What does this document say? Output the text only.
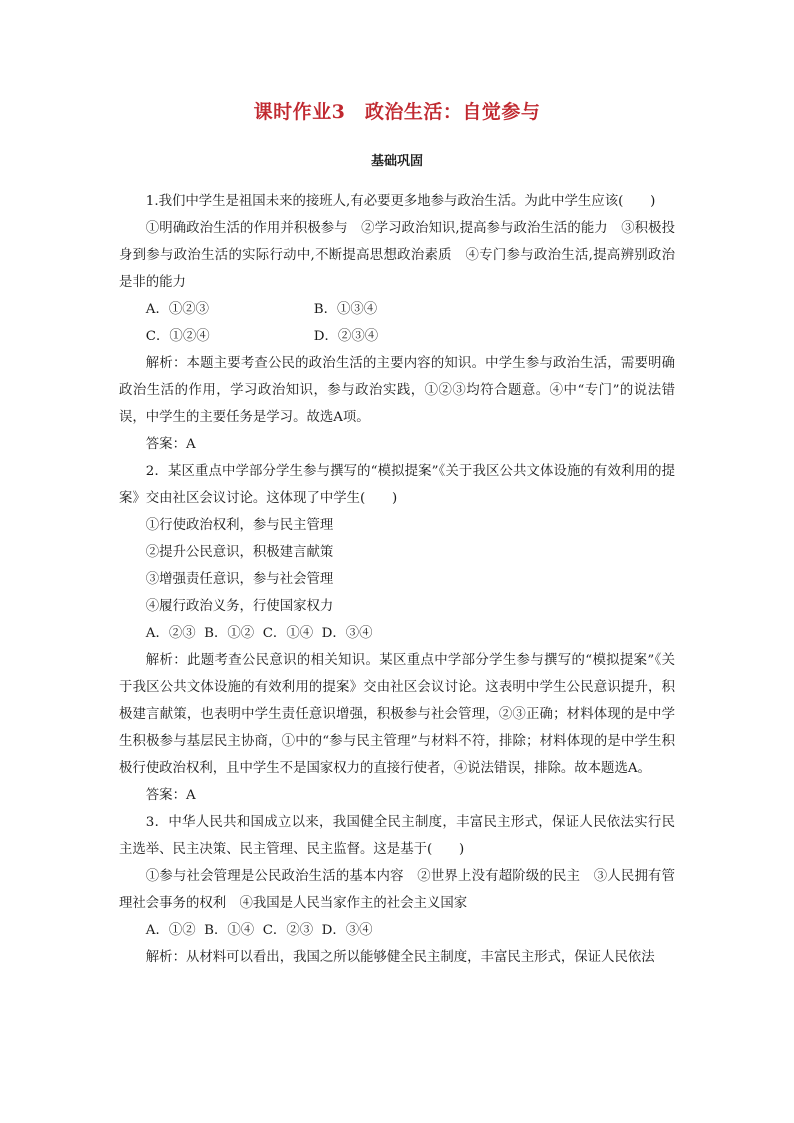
课时作业3　政治生活：自觉参与
基础巩固

1.我们中学生是祖国未来的接班人,有必要更多地参与政治生活。为此中学生应该(　　)

①明确政治生活的作用并积极参与　②学习政治知识,提高参与政治生活的能力　③积极投身到参与政治生活的实际行动中,不断提高思想政治素质　④专门参与政治生活,提高辨别政治是非的能力

A．①②③	B．①③④

C．①②④	D．②③④

解析：本题主要考查公民的政治生活的主要内容的知识。中学生参与政治生活，需要明确政治生活的作用，学习政治知识，参与政治实践，①②③均符合题意。④中“专门”的说法错误，中学生的主要任务是学习。故选A项。

答案：A

2．某区重点中学部分学生参与撰写的“模拟提案”《关于我区公共文体设施的有效利用的提案》交由社区会议讨论。这体现了中学生(　　)

①行使政治权利，参与民主管理

②提升公民意识，积极建言献策

③增强责任意识，参与社会管理

④履行政治义务，行使国家权力

A．②③ B．①② C．①④ D．③④

解析：此题考查公民意识的相关知识。某区重点中学部分学生参与撰写的“模拟提案”《关于我区公共文体设施的有效利用的提案》交由社区会议讨论。这表明中学生公民意识提升，积极建言献策，也表明中学生责任意识增强，积极参与社会管理，②③正确；材料体现的是中学生积极参与基层民主协商，①中的“参与民主管理”与材料不符，排除；材料体现的是中学生积极行使政治权利，且中学生不是国家权力的直接行使者，④说法错误，排除。故本题选A。

答案：A

3．中华人民共和国成立以来，我国健全民主制度，丰富民主形式，保证人民依法实行民主选举、民主决策、民主管理、民主监督。这是基于(　　)

①参与社会管理是公民政治生活的基本内容　②世界上没有超阶级的民主　③人民拥有管理社会事务的权利　④我国是人民当家作主的社会主义国家

A．①② B．①④ C．②③ D．③④

解析：从材料可以看出，我国之所以能够健全民主制度，丰富民主形式，保证人民依法
